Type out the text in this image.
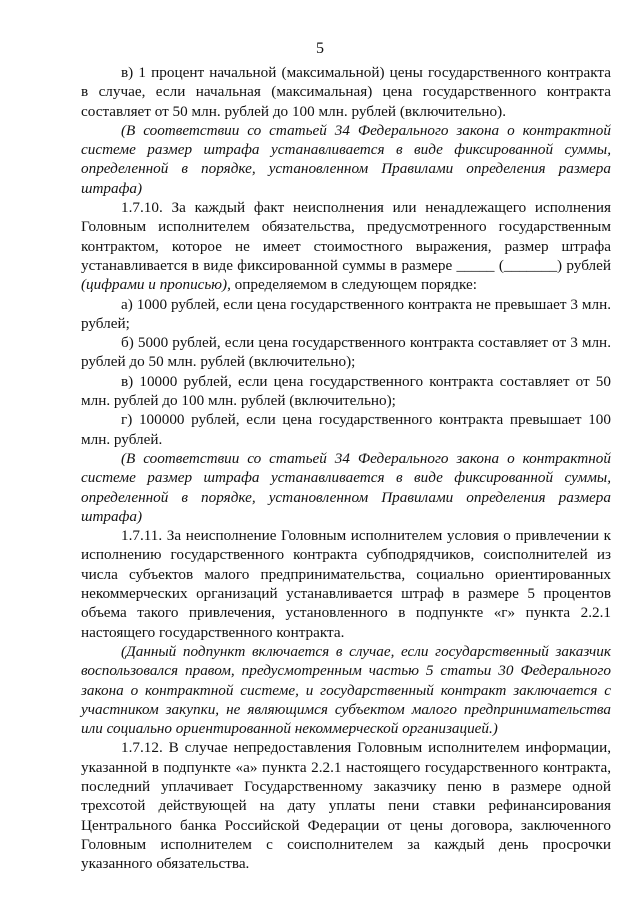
5

в) 1 процент начальной (максимальной) цены государственного контракта в случае, если начальная (максимальная) цена государственного контракта составляет от 50 млн. рублей до 100 млн. рублей (включительно).

(В соответствии со статьей 34 Федерального закона о контрактной системе размер штрафа устанавливается в виде фиксированной суммы, определенной в порядке, установленном Правилами определения размера штрафа)

1.7.10. За каждый факт неисполнения или ненадлежащего исполнения Головным исполнителем обязательства, предусмотренного государственным контрактом, которое не имеет стоимостного выражения, размер штрафа устанавливается в виде фиксированной суммы в размере _____ (_______) рублей (цифрами и прописью), определяемом в следующем порядке:

а) 1000 рублей, если цена государственного контракта не превышает 3 млн. рублей;

б) 5000 рублей, если цена государственного контракта составляет от 3 млн. рублей до 50 млн. рублей (включительно);

в) 10000 рублей, если цена государственного контракта составляет от 50 млн. рублей до 100 млн. рублей (включительно);

г) 100000 рублей, если цена государственного контракта превышает 100 млн. рублей.

(В соответствии со статьей 34 Федерального закона о контрактной системе размер штрафа устанавливается в виде фиксированной суммы, определенной в порядке, установленном Правилами определения размера штрафа)

1.7.11. За неисполнение Головным исполнителем условия о привлечении к исполнению государственного контракта субподрядчиков, соисполнителей из числа субъектов малого предпринимательства, социально ориентированных некоммерческих организаций устанавливается штраф в размере 5 процентов объема такого привлечения, установленного в подпункте «г» пункта 2.2.1 настоящего государственного контракта.

(Данный подпункт включается в случае, если государственный заказчик воспользовался правом, предусмотренным частью 5 статьи 30 Федерального закона о контрактной системе, и государственный контракт заключается с участником закупки, не являющимся субъектом малого предпринимательства или социально ориентированной некоммерческой организацией.)

1.7.12. В случае непредоставления Головным исполнителем информации, указанной в подпункте «а» пункта 2.2.1 настоящего государственного контракта, последний уплачивает Государственному заказчику пеню в размере одной трехсотой действующей на дату уплаты пени ставки рефинансирования Центрального банка Российской Федерации от цены договора, заключенного Головным исполнителем с соисполнителем за каждый день просрочки указанного обязательства.
